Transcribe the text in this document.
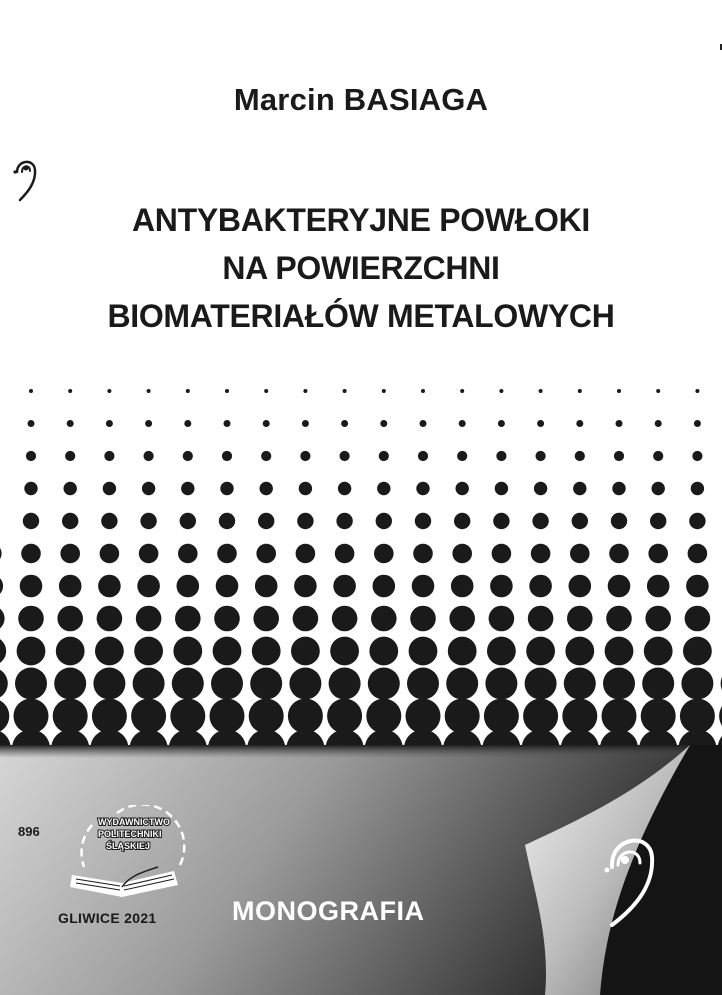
Marcin BASIAGA
ANTYBAKTERYJNE POWŁOKI
NA POWIERZCHNI
BIOMATERIAŁÓW METALOWYCH
896
WYDAWNICTWO
POLITECHNIKI
ŚLĄSKIEJ
GLIWICE 2021	MONOGRAFIA
